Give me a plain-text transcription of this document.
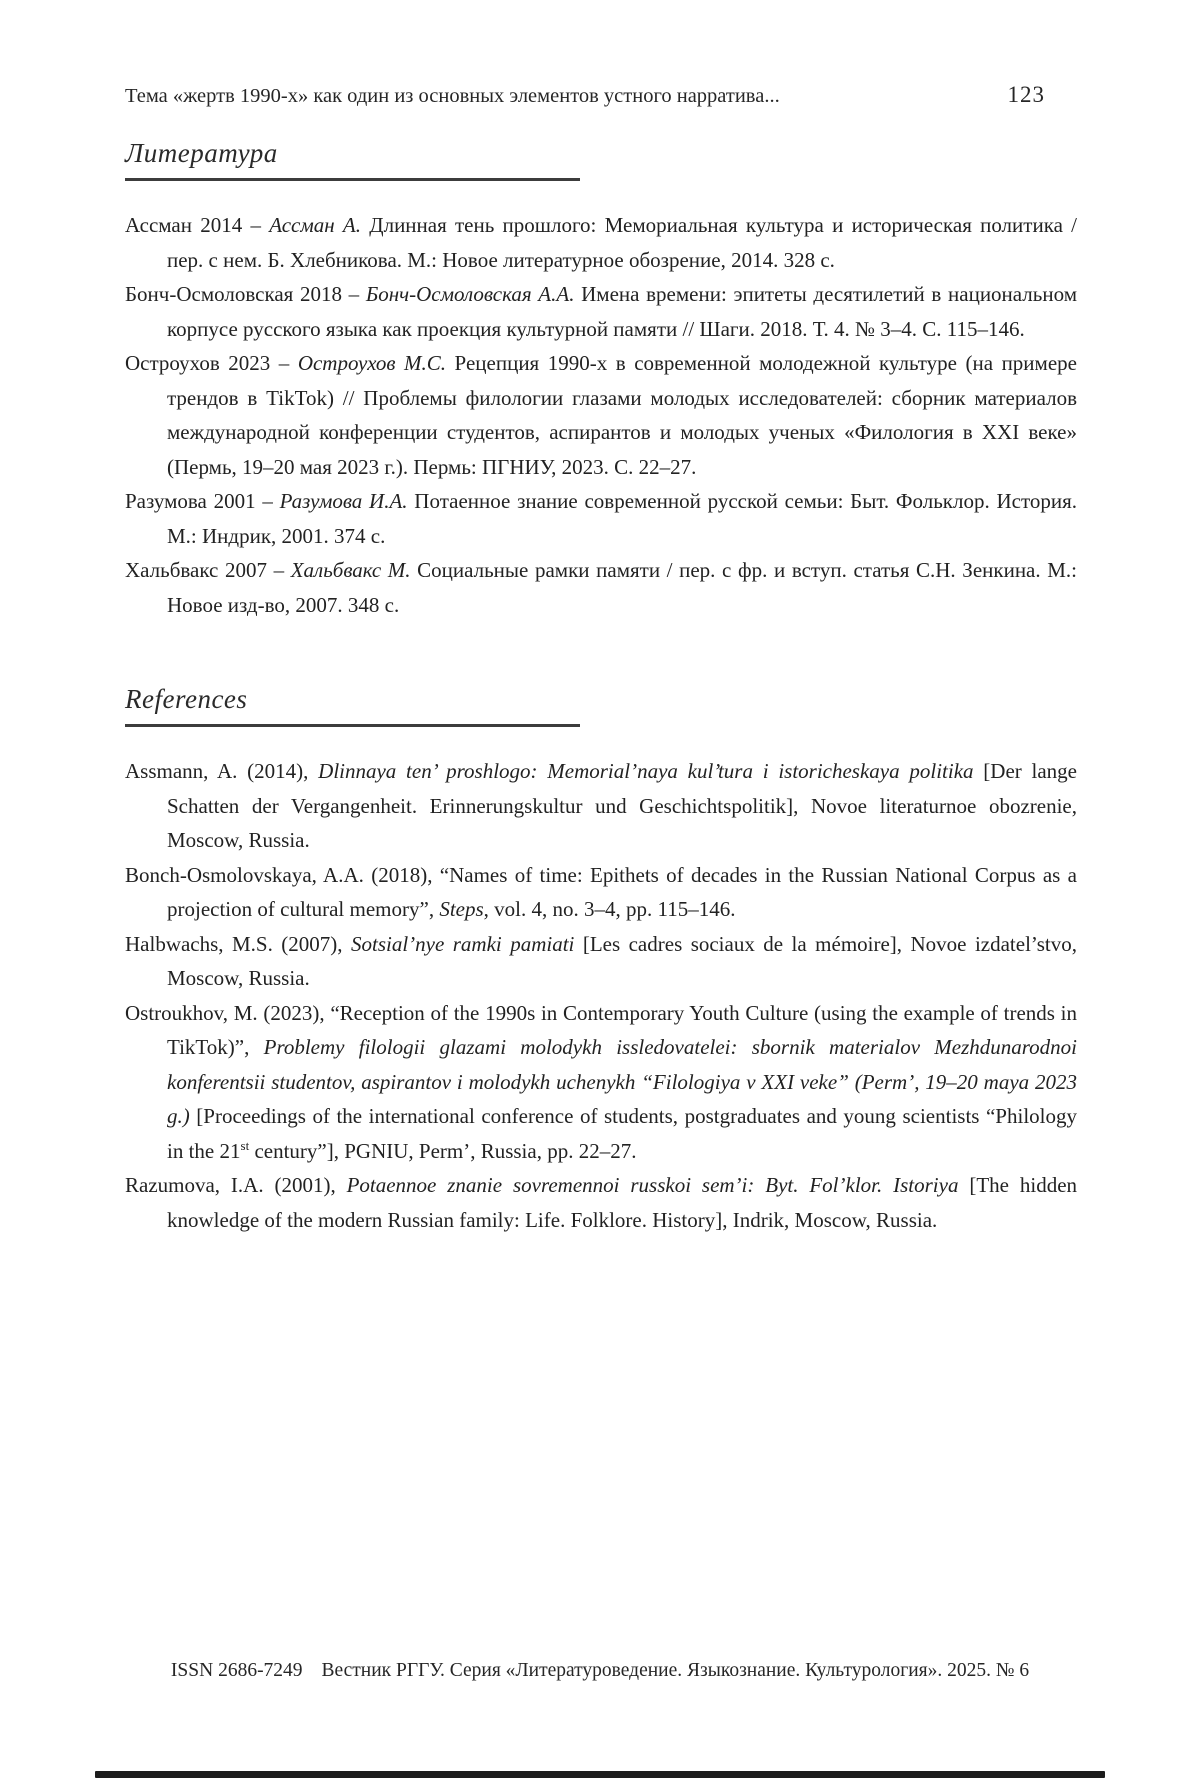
Тема «жертв 1990-х» как один из основных элементов устного нарратива...	123
Литература

Ассман 2014 – Ассман А. Длинная тень прошлого: Мемориальная культура и историческая политика / пер. с нем. Б. Хлебникова. М.: Новое литературное обозрение, 2014. 328 с.

Бонч-Осмоловская 2018 – Бонч-Осмоловская А.А. Имена времени: эпитеты десятилетий в национальном корпусе русского языка как проекция культурной памяти // Шаги. 2018. Т. 4. № 3–4. С. 115–146.

Остроухов 2023 – Остроухов М.С. Рецепция 1990-х в современной молодежной культуре (на примере трендов в TikTok) // Проблемы филологии глазами молодых исследователей: сборник материалов международной конференции студентов, аспирантов и молодых ученых «Филология в XXI веке» (Пермь, 19–20 мая 2023 г.). Пермь: ПГНИУ, 2023. С. 22–27.

Разумова 2001 – Разумова И.А. Потаенное знание современной русской семьи: Быт. Фольклор. История. М.: Индрик, 2001. 374 с.

Хальбвакс 2007 – Хальбвакс М. Социальные рамки памяти / пер. с фр. и вступ. статья С.Н. Зенкина. М.: Новое изд-во, 2007. 348 с.

References

Assmann, A. (2014), Dlinnaya ten’ proshlogo: Memorial’naya kul’tura i istoricheskaya politika [Der lange Schatten der Vergangenheit. Erinnerungskultur und Geschichtspolitik], Novoe literaturnoe obozrenie, Moscow, Russia.

Bonch-Osmolovskaya, A.A. (2018), “Names of time: Epithets of decades in the Russian National Corpus as a projection of cultural memory”, Steps, vol. 4, no. 3–4, pp. 115–146.

Halbwachs, M.S. (2007), Sotsial’nye ramki pamiati [Les cadres sociaux de la mémoire], Novoe izdatel’stvo, Moscow, Russia.

Ostroukhov, M. (2023), “Reception of the 1990s in Contemporary Youth Culture (using the example of trends in TikTok)”, Problemy filologii glazami molodykh issledovatelei: sbornik materialov Mezhdunarodnoi konferentsii studentov, aspirantov i molodykh uchenykh “Filologiya v XXI veke” (Perm’, 19–20 maya 2023 g.) [Proceedings of the international conference of students, postgraduates and young scientists “Philology in the 21st century”], PGNIU, Perm’, Russia, pp. 22–27.

Razumova, I.A. (2001), Potaennoe znanie sovremennoi russkoi sem’i: Byt. Fol’klor. Istoriya [The hidden knowledge of the modern Russian family: Life. Folklore. History], Indrik, Moscow, Russia.

ISSN 2686-7249 Вестник РГГУ. Серия «Литературоведение. Языкознание. Культурология». 2025. № 6
